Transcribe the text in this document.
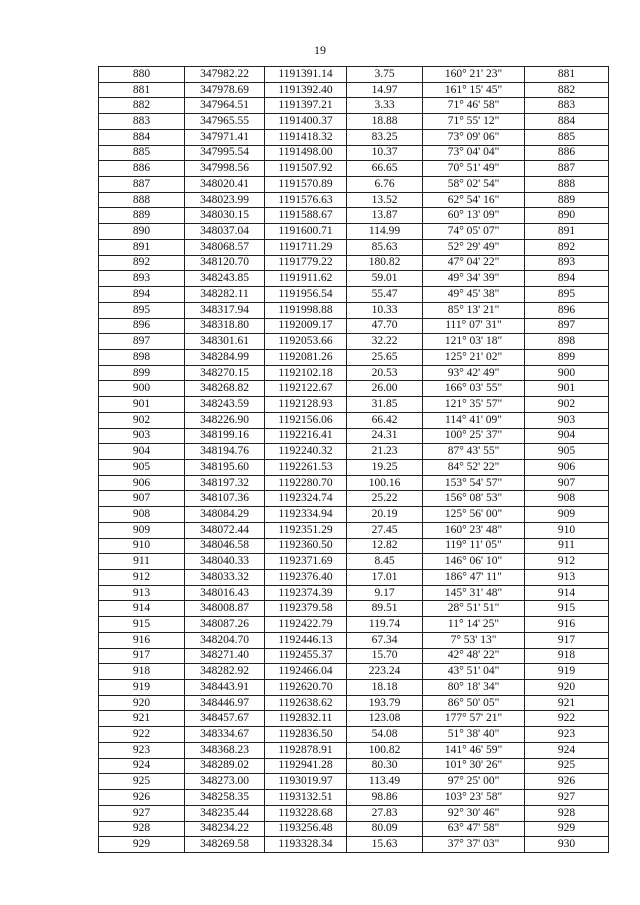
19
880	347982.22	1191391.14	3.75	160° 21' 23"	881
881	347978.69	1191392.40	14.97	161° 15' 45"	882
882	347964.51	1191397.21	3.33	71° 46' 58"	883
883	347965.55	1191400.37	18.88	71° 55' 12"	884
884	347971.41	1191418.32	83.25	73° 09' 06"	885
885	347995.54	1191498.00	10.37	73° 04' 04"	886
886	347998.56	1191507.92	66.65	70° 51' 49"	887
887	348020.41	1191570.89	6.76	58° 02' 54"	888
888	348023.99	1191576.63	13.52	62° 54' 16"	889
889	348030.15	1191588.67	13.87	60° 13' 09"	890
890	348037.04	1191600.71	114.99	74° 05' 07"	891
891	348068.57	1191711.29	85.63	52° 29' 49"	892
892	348120.70	1191779.22	180.82	47° 04' 22"	893
893	348243.85	1191911.62	59.01	49° 34' 39"	894
894	348282.11	1191956.54	55.47	49° 45' 38"	895
895	348317.94	1191998.88	10.33	85° 13' 21"	896
896	348318.80	1192009.17	47.70	111° 07' 31"	897
897	348301.61	1192053.66	32.22	121° 03' 18"	898
898	348284.99	1192081.26	25.65	125° 21' 02"	899
899	348270.15	1192102.18	20.53	93° 42' 49"	900
900	348268.82	1192122.67	26.00	166° 03' 55"	901
901	348243.59	1192128.93	31.85	121° 35' 57"	902
902	348226.90	1192156.06	66.42	114° 41' 09"	903
903	348199.16	1192216.41	24.31	100° 25' 37"	904
904	348194.76	1192240.32	21.23	87° 43' 55"	905
905	348195.60	1192261.53	19.25	84° 52' 22"	906
906	348197.32	1192280.70	100.16	153° 54' 57"	907
907	348107.36	1192324.74	25.22	156° 08' 53"	908
908	348084.29	1192334.94	20.19	125° 56' 00"	909
909	348072.44	1192351.29	27.45	160° 23' 48"	910
910	348046.58	1192360.50	12.82	119° 11' 05"	911
911	348040.33	1192371.69	8.45	146° 06' 10"	912
912	348033.32	1192376.40	17.01	186° 47' 11"	913
913	348016.43	1192374.39	9.17	145° 31' 48"	914
914	348008.87	1192379.58	89.51	28° 51' 51"	915
915	348087.26	1192422.79	119.74	11° 14' 25"	916
916	348204.70	1192446.13	67.34	7° 53' 13"	917
917	348271.40	1192455.37	15.70	42° 48' 22"	918
918	348282.92	1192466.04	223.24	43° 51' 04"	919
919	348443.91	1192620.70	18.18	80° 18' 34"	920
920	348446.97	1192638.62	193.79	86° 50' 05"	921
921	348457.67	1192832.11	123.08	177° 57' 21"	922
922	348334.67	1192836.50	54.08	51° 38' 40"	923
923	348368.23	1192878.91	100.82	141° 46' 59"	924
924	348289.02	1192941.28	80.30	101° 30' 26"	925
925	348273.00	1193019.97	113.49	97° 25' 00"	926
926	348258.35	1193132.51	98.86	103° 23' 58"	927
927	348235.44	1193228.68	27.83	92° 30' 46"	928
928	348234.22	1193256.48	80.09	63° 47' 58"	929
929	348269.58	1193328.34	15.63	37° 37' 03"	930
